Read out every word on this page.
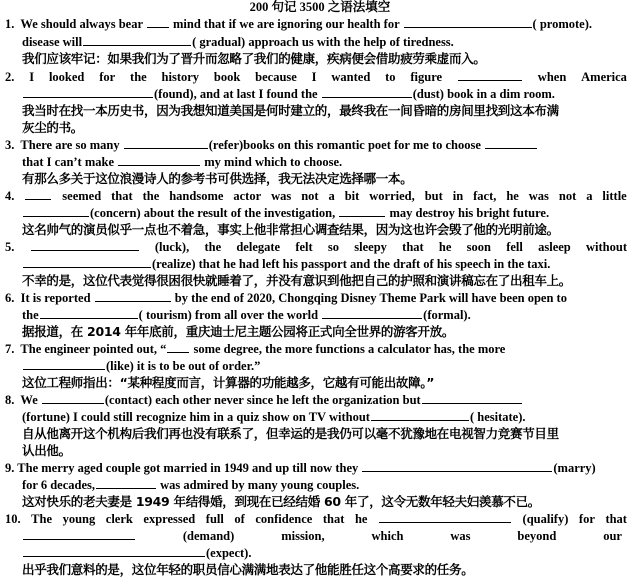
200 句记 3500 之语法填空
1.  We should always bear  mind that if we are ignoring our health for	( promote).
disease will	( gradual) approach us with the help of tiredness.
我们应该牢记：如果我们为了晋升而忽略了我们的健康，疾病便会借助疲劳乘虚而入。
2. I looked for the history book because I wanted to figure	when America
(found), and at last I found the	(dust) book in a dim room.
我当时在找一本历史书，因为我想知道美国是何时建立的，最终我在一间昏暗的房间里找到这本布满
灰尘的书。
3.  There are so many	(refer)books on this romantic poet for me to choose
that I can’t make	my mind which to choose.
有那么多关于这位浪漫诗人的参考书可供选择，我无法决定选择哪一本。
4.	seemed that the handsome actor was not a bit worried, but in fact, he was not a little
(concern) about the result of the investigation,	may destroy his bright future.
这名帅气的演员似乎一点也不着急，事实上他非常担心调查结果，因为这也许会毁了他的光明前途。
5.	(luck), the delegate felt so sleepy that he soon fell asleep without
(realize) that he had left his passport and the draft of his speech in the taxi.
不幸的是，这位代表觉得很困很快就睡着了，并没有意识到他把自己的护照和演讲稿忘在了出租车上。
6.  It is reported	by the end of 2020, Chongqing Disney Theme Park will have been open to
the	( tourism) from all over the world	(formal).
据报道，在 2014 年年底前，重庆迪士尼主题公园将正式向全世界的游客开放。
7.  The engineer pointed out, “ some degree, the more functions a calculator has, the more
(like) it is to be out of order.”
这位工程师指出：“某种程度而言，计算器的功能越多，它越有可能出故障。”
8.  We	(contact) each other never since he left the organization but
(fortune) I could still recognize him in a quiz show on TV without	( hesitate).
自从他离开这个机构后我们再也没有联系了，但幸运的是我仍可以毫不犹豫地在电视智力竞赛节目里
认出他。
9. The merry aged couple got married in 1949 and up till now they	(marry)
for 6 decades,	was admired by many young couples.
这对快乐的老夫妻是 1949 年结得婚，到现在已经结婚 60 年了，这令无数年轻夫妇羡慕不已。
10. The young clerk expressed full of confidence that he	(qualify) for that
(demand)	mission,	which	was	beyond	our
(expect).
出乎我们意料的是，这位年轻的职员信心满满地表达了他能胜任这个高要求的任务。
